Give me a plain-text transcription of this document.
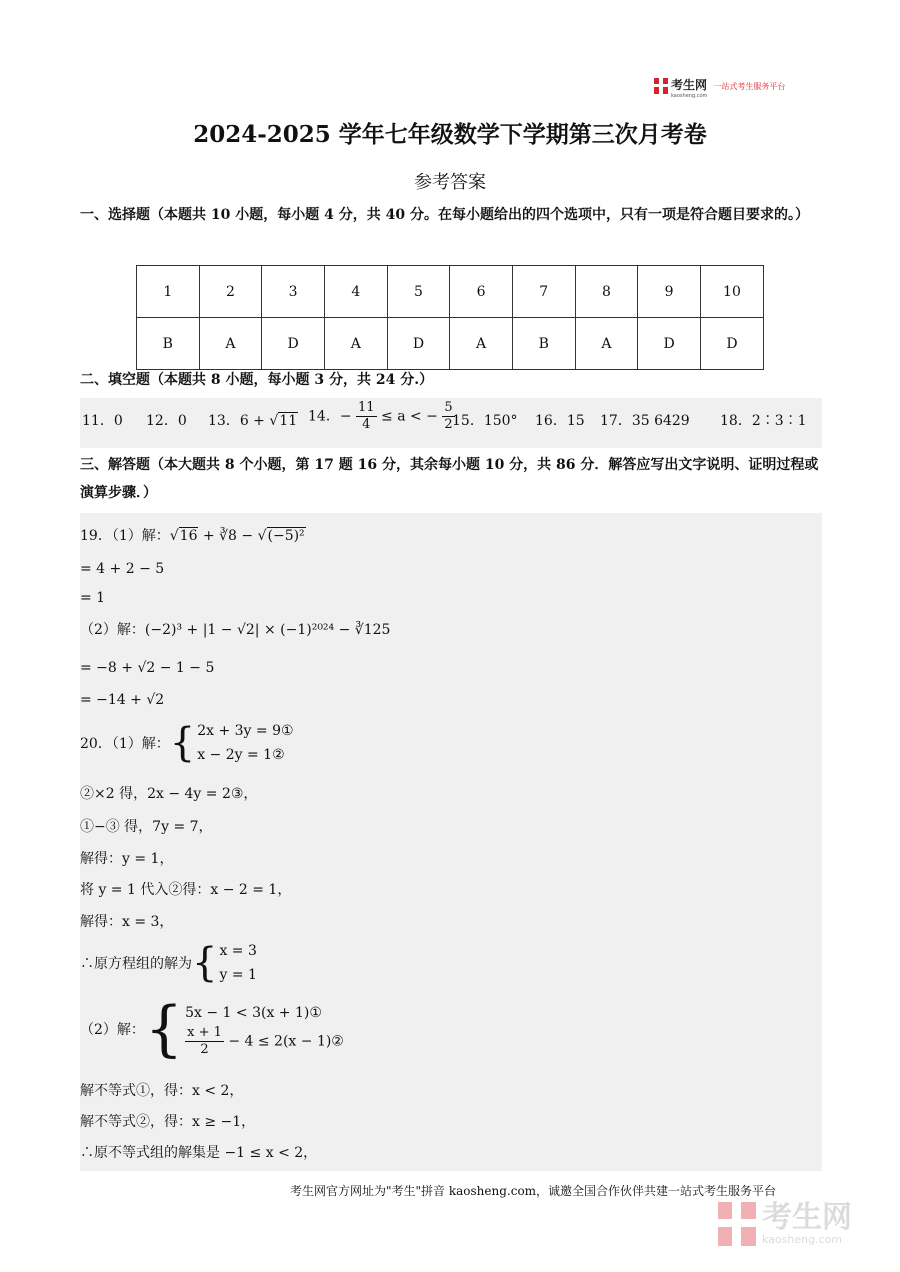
考生网
kaosheng.com
一站式考生服务平台
2024-2025 学年七年级数学下学期第三次月考卷
参考答案
一、选择题（本题共 10 小题，每小题 4 分，共 40 分。在每小题给出的四个选项中，只有一项是符合题目要求的。）
1	2	3	4	5	6	7	8	9	10
B	A	D	A	D	A	B	A	D	D
二、填空题（本题共 8 小题，每小题 3 分，共 24 分.）
11．0 12．0 13．6 + √11 14．− $\frac{11}{4} \le a$ < − $\frac{5}{2}$
15．150° 16．15 17．35 6429 18．2∶3∶1
三、解答题（本大题共 8 个小题，第 17 题 16 分，其余每小题 10 分，共 86 分．解答应写出文字说明、证明过程或演算步骤．）
19．（1）解：√16 + ∛8 − √(−5)²
= 4 + 2 − 5
= 1
（2）解：(−2)³ + |1 − √2| × (−1)²⁰²⁴ − ∛125
= −8 + √2 − 1 − 5
= −14 + √2
20．（1）解：{ 2x + 3y = 9①
x − 2y = 1②
②×2 得，2x − 4y = 2③，
①−③ 得，7y = 7，
解得：y = 1，
将 y = 1 代入②得：x − 2 = 1，
解得：x = 3，
∴原方程组的解为{ x = 3
y = 1
（2）解：{ 5x − 1 < 3(x + 1)①
$\frac{x + 1}{2} - 4 \le 2(x$ − 1)②
解不等式①，得：x < 2，
解不等式②，得：x ≥ −1，
∴原不等式组的解集是 −1 ≤ x < 2，
考生网官方网址为"考生"拼音 kaosheng.com，诚邀全国合作伙伴共建一站式考生服务平台
考生网
kaosheng.com
